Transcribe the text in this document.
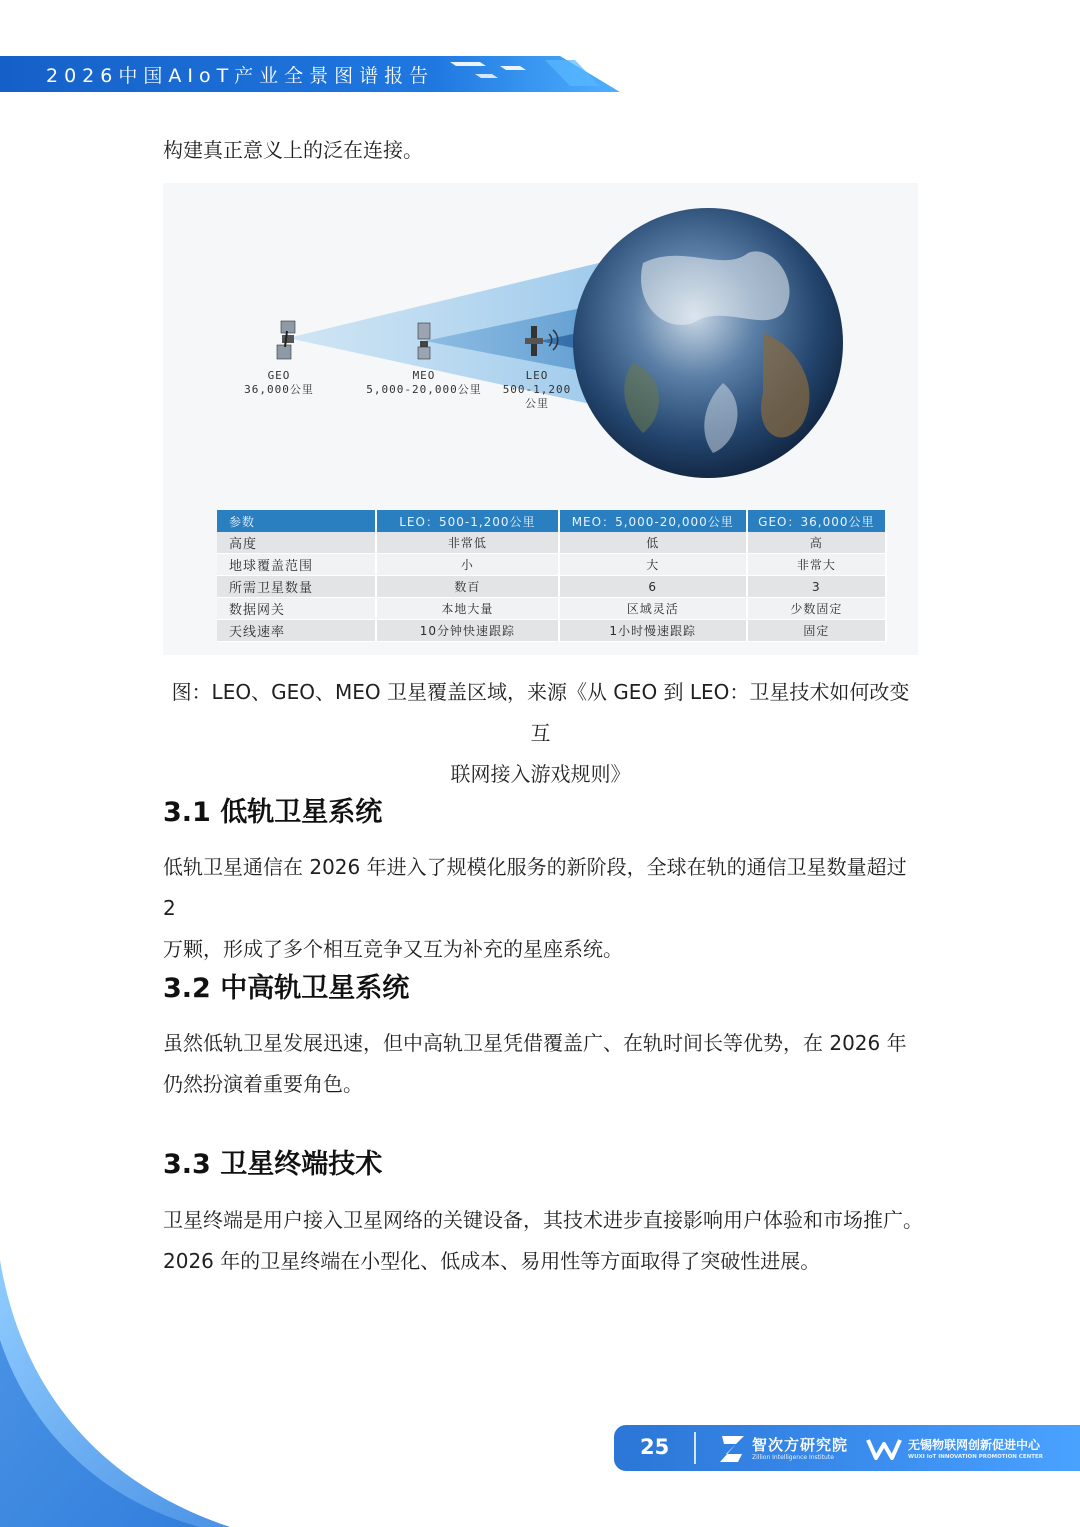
2026中国AIoT产业全景图谱报告
构建真正意义上的泛在连接。
GEO
36,000公里
MEO
5,000-20,000公里
LEO
500-1,200
公里
参数	LEO：500-1,200公里	MEO：5,000-20,000公里	GEO：36,000公里
高度	非常低	低	高
地球覆盖范围	小	大	非常大
所需卫星数量	数百	6	3
数据网关	本地大量	区域灵活	少数固定
天线速率	10分钟快速跟踪	1小时慢速跟踪	固定
图：LEO、GEO、MEO 卫星覆盖区域，来源《从 GEO 到 LEO：卫星技术如何改变互
联网接入游戏规则》
3.1 低轨卫星系统
低轨卫星通信在 2026 年进入了规模化服务的新阶段，全球在轨的通信卫星数量超过 2
万颗，形成了多个相互竞争又互为补充的星座系统。
3.2 中高轨卫星系统
虽然低轨卫星发展迅速，但中高轨卫星凭借覆盖广、在轨时间长等优势，在 2026 年
仍然扮演着重要角色。
3.3 卫星终端技术
卫星终端是用户接入卫星网络的关键设备，其技术进步直接影响用户体验和市场推广。
2026 年的卫星终端在小型化、低成本、易用性等方面取得了突破性进展。
25	智次方研究院
Zillion Intelligence Institute
无锡物联网创新促进中心
WUXI IoT INNOVATION PROMOTION CENTER
